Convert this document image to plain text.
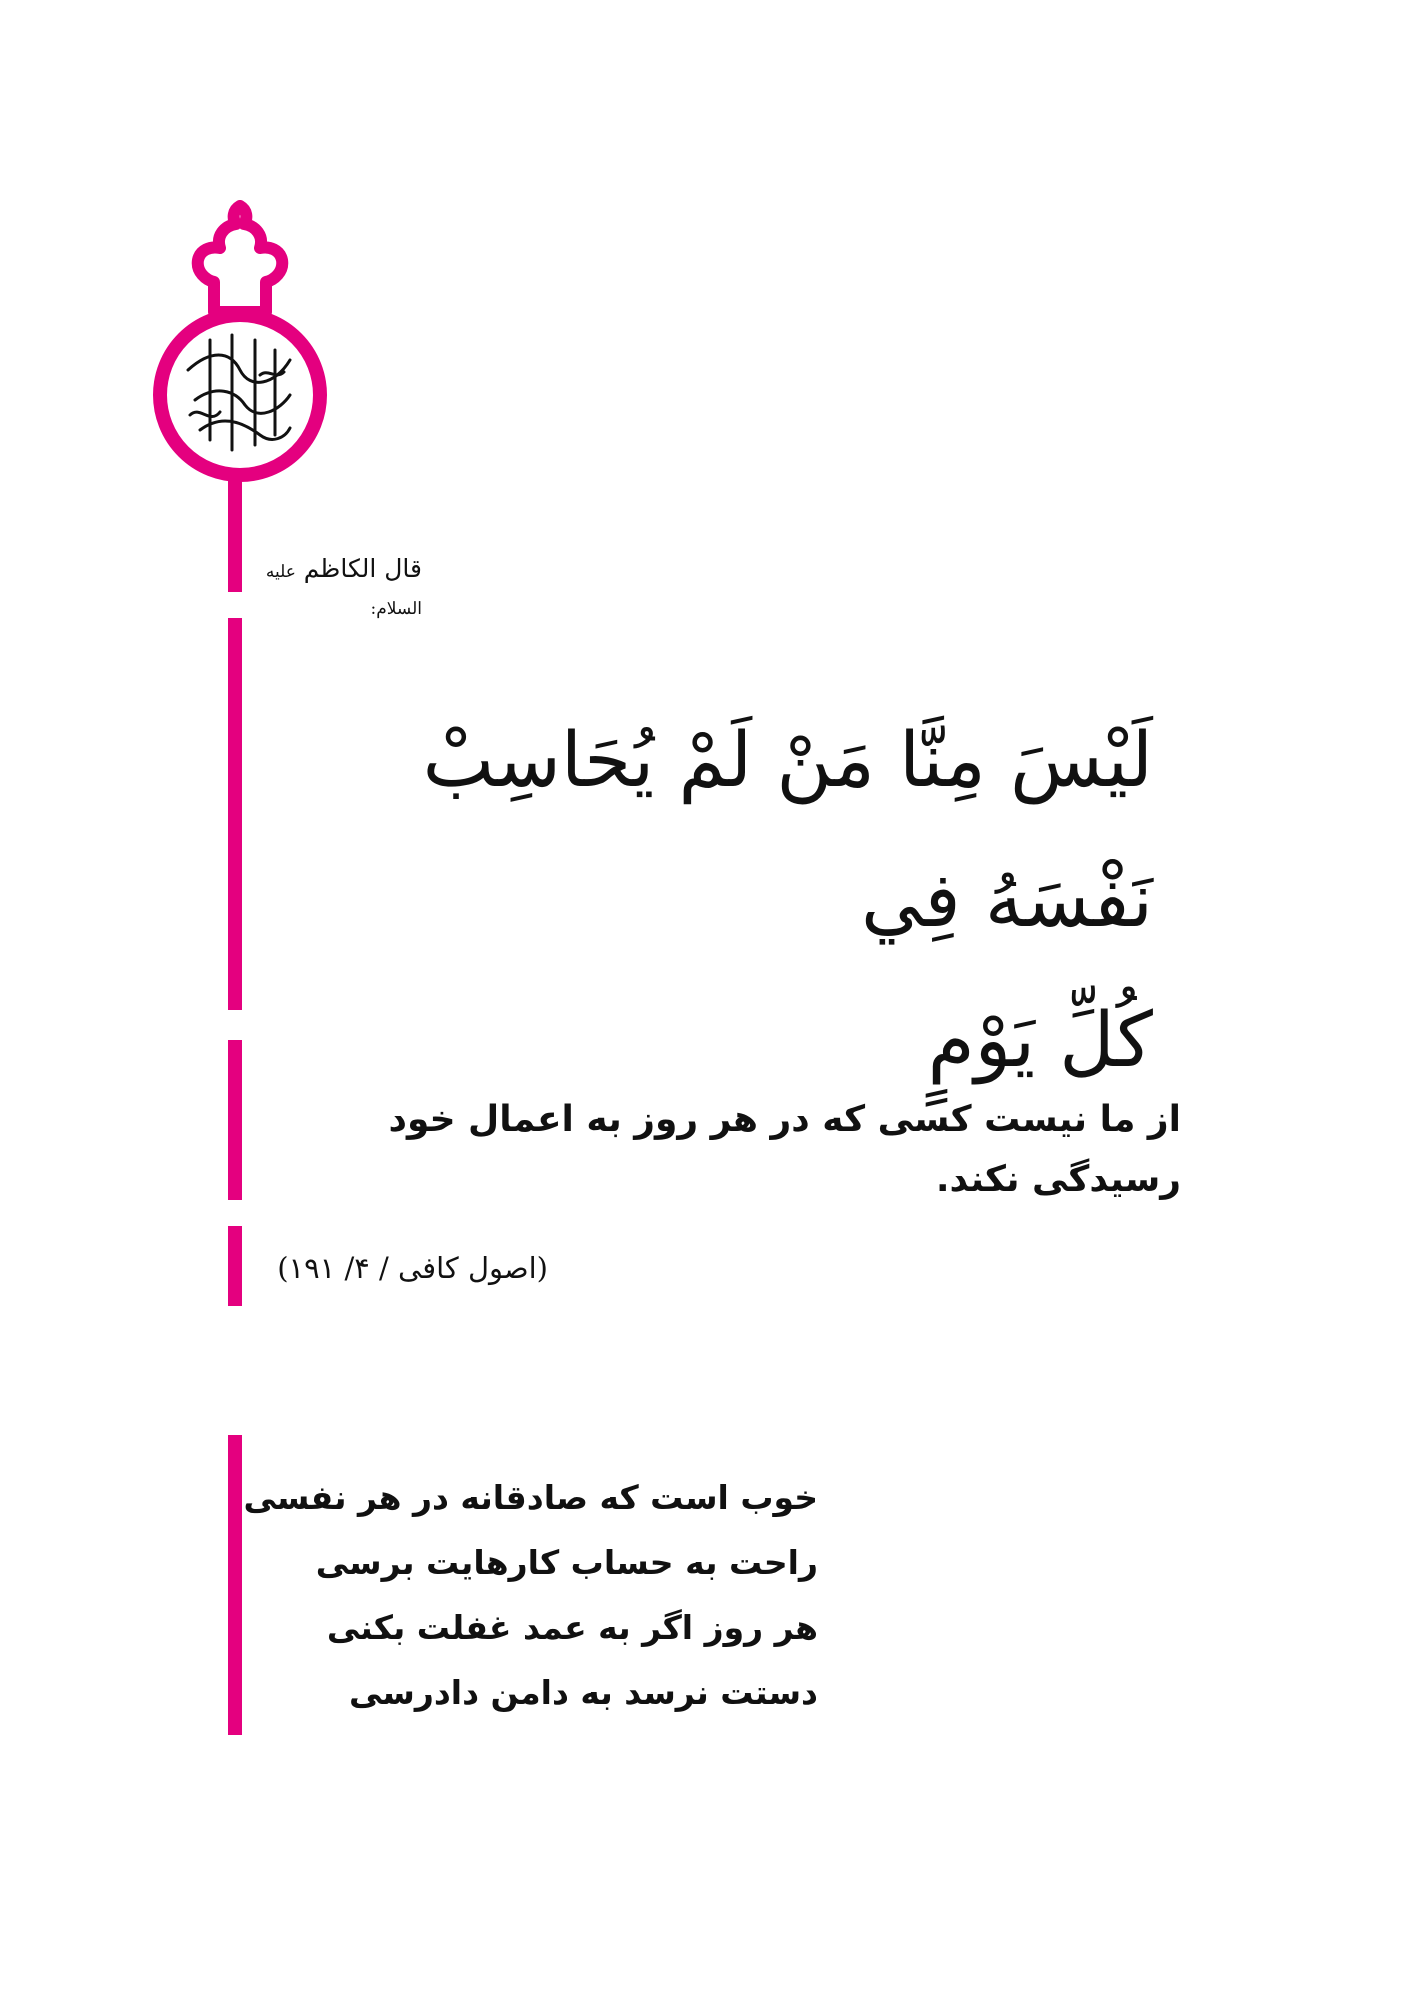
قال الکاظم علیه السلام:
لَيْسَ مِنَّا مَنْ لَمْ يُحَاسِبْ نَفْسَهُ فِي
كُلِّ يَوْمٍ
از ما نیست کسی که در هر روز به اعمال خود رسیدگی نکند.
(اصول کافی / ۴/ ۱۹۱)
خوب است که صادقانه در هر نفسی
راحت به حساب کارهایت برسی
هر روز اگر به عمد غفلت بکنی
دستت نرسد به دامن دادرسی
